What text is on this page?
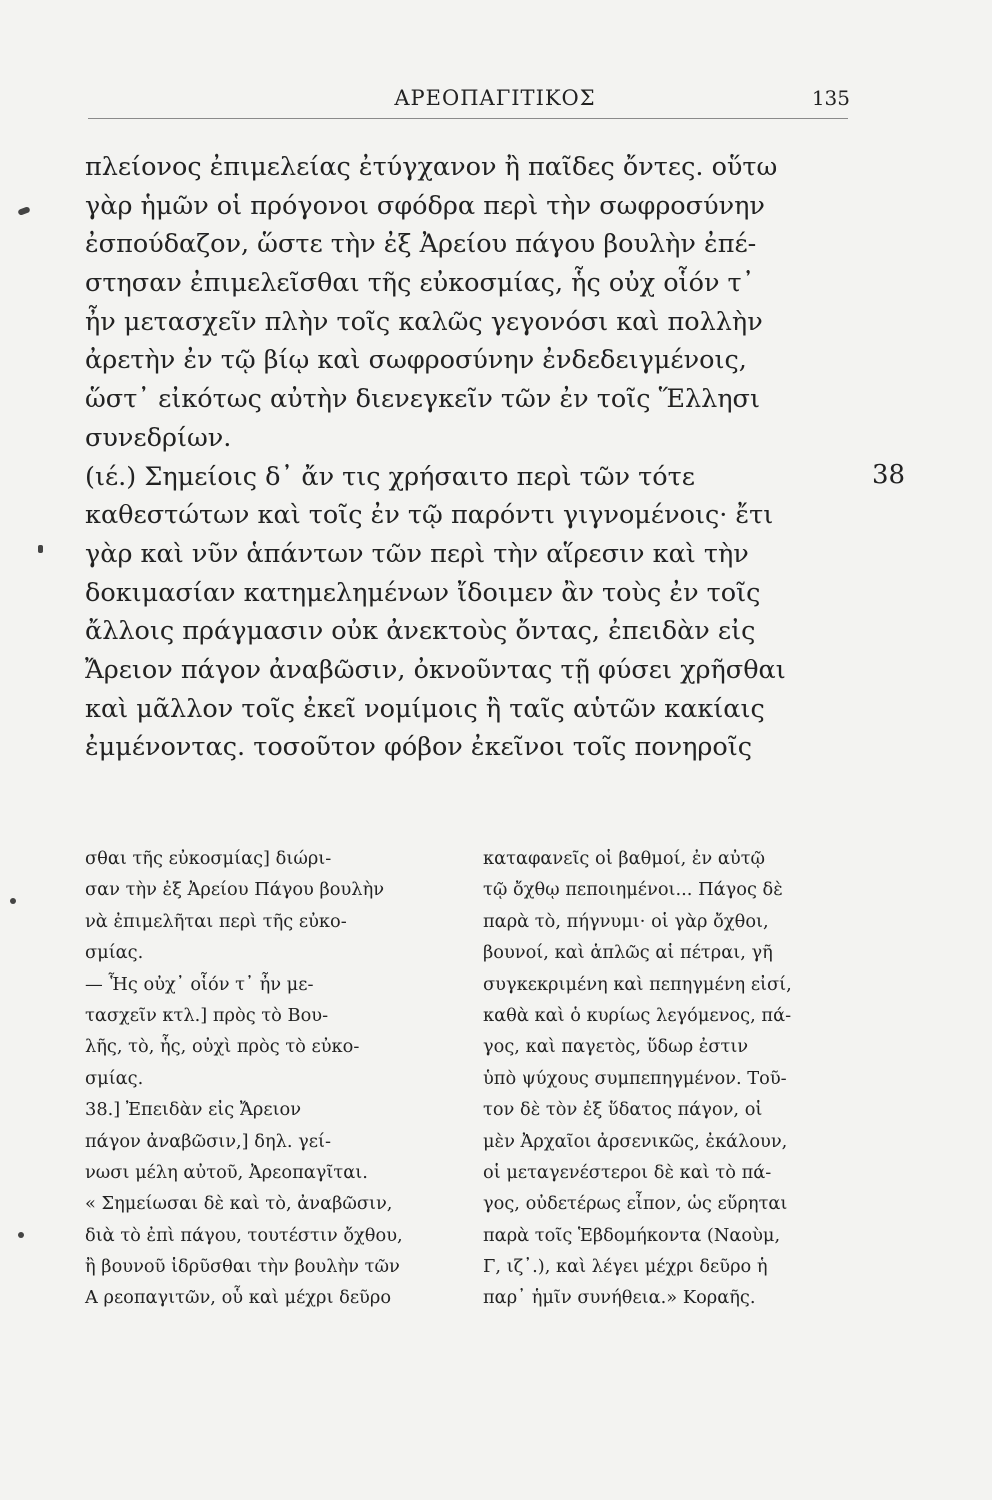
ΑΡΕΟΠΑΓΙΤΙΚΟΣ	135
πλείονος ἐπιμελείας ἐτύγχανον ἢ παῖδες ὄντες. οὕτω
γὰρ ἡμῶν οἱ πρόγονοι σφόδρα περὶ τὴν σωφροσύνην
ἐσπούδαζον, ὥστε τὴν ἐξ Ἀρείου πάγου βουλὴν ἐπέ-
στησαν ἐπιμελεῖσθαι τῆς εὐκοσμίας, ἧς οὐχ οἷόν τ᾽
ἦν μετασχεῖν πλὴν τοῖς καλῶς γεγονόσι καὶ πολλὴν
ἀρετὴν ἐν τῷ βίῳ καὶ σωφροσύνην ἐνδεδειγμένοις,
ὥστ᾽ εἰκότως αὐτὴν διενεγκεῖν τῶν ἐν τοῖς Ἕλλησι
συνεδρίων.
(ιέ.) Σημείοις δ᾽ ἄν τις χρήσαιτο περὶ τῶν τότε
καθεστώτων καὶ τοῖς ἐν τῷ παρόντι γιγνομένοις· ἔτι
γὰρ καὶ νῦν ἁπάντων τῶν περὶ τὴν αἵρεσιν καὶ τὴν
δοκιμασίαν κατημελημένων ἴδοιμεν ἂν τοὺς ἐν τοῖς
ἄλλοις πράγμασιν οὐκ ἀνεκτοὺς ὄντας, ἐπειδὰν εἰς
Ἄρειον πάγον ἀναβῶσιν, ὀκνοῦντας τῇ φύσει χρῆσθαι
καὶ μᾶλλον τοῖς ἐκεῖ νομίμοις ἢ ταῖς αὑτῶν κακίαις
ἐμμένοντας. τοσοῦτον φόβον ἐκεῖνοι τοῖς πονηροῖς
38
σθαι τῆς εὐκοσμίας] διώρι-
σαν τὴν ἐξ Ἀρείου Πάγου βουλὴν
νὰ ἐπιμελῆται περὶ τῆς εὐκο-
σμίας.
— Ἧς οὐχ᾽ οἷόν τ᾽ ἦν με-
τασχεῖν κτλ.] πρὸς τὸ Βου-
λῆς, τὸ, ἧς, οὐχὶ πρὸς τὸ εὐκο-
σμίας.
38.] Ἐπειδὰν εἰς Ἄρειον
πάγον ἀναβῶσιν,] δηλ. γεί-
νωσι μέλη αὐτοῦ, Ἀρεοπαγῖται.
« Σημείωσαι δὲ καὶ τὸ, ἀναβῶσιν,
διὰ τὸ ἐπὶ πάγου, τουτέστιν ὄχθου,
ἢ βουνοῦ ἱδρῦσθαι τὴν βουλὴν τῶν
Α ρεοπαγιτῶν, οὗ καὶ μέχρι δεῦρο
καταφανεῖς οἱ βαθμοί, ἐν αὐτῷ
τῷ ὄχθῳ πεποιημένοι... Πάγος δὲ
παρὰ τὸ, πήγνυμι· οἱ γὰρ ὄχθοι,
βουνοί, καὶ ἁπλῶς αἱ πέτραι, γῆ
συγκεκριμένη καὶ πεπηγμένη εἰσί,
καθὰ καὶ ὁ κυρίως λεγόμενος, πά-
γος, καὶ παγετὸς, ὕδωρ ἐστιν
ὑπὸ ψύχους συμπεπηγμένον. Τοῦ-
τον δὲ τὸν ἐξ ὕδατος πάγον, οἱ
μὲν Ἀρχαῖοι ἀρσενικῶς, ἐκάλουν,
οἱ μεταγενέστεροι δὲ καὶ τὸ πά-
γος, οὐδετέρως εἶπον, ὡς εὕρηται
παρὰ τοῖς Ἑβδομήκοντα (Ναοὺμ,
Γ, ιζ᾽.), καὶ λέγει μέχρι δεῦρο ἡ
παρ᾽ ἡμῖν συνήθεια.» Κοραῆς.
